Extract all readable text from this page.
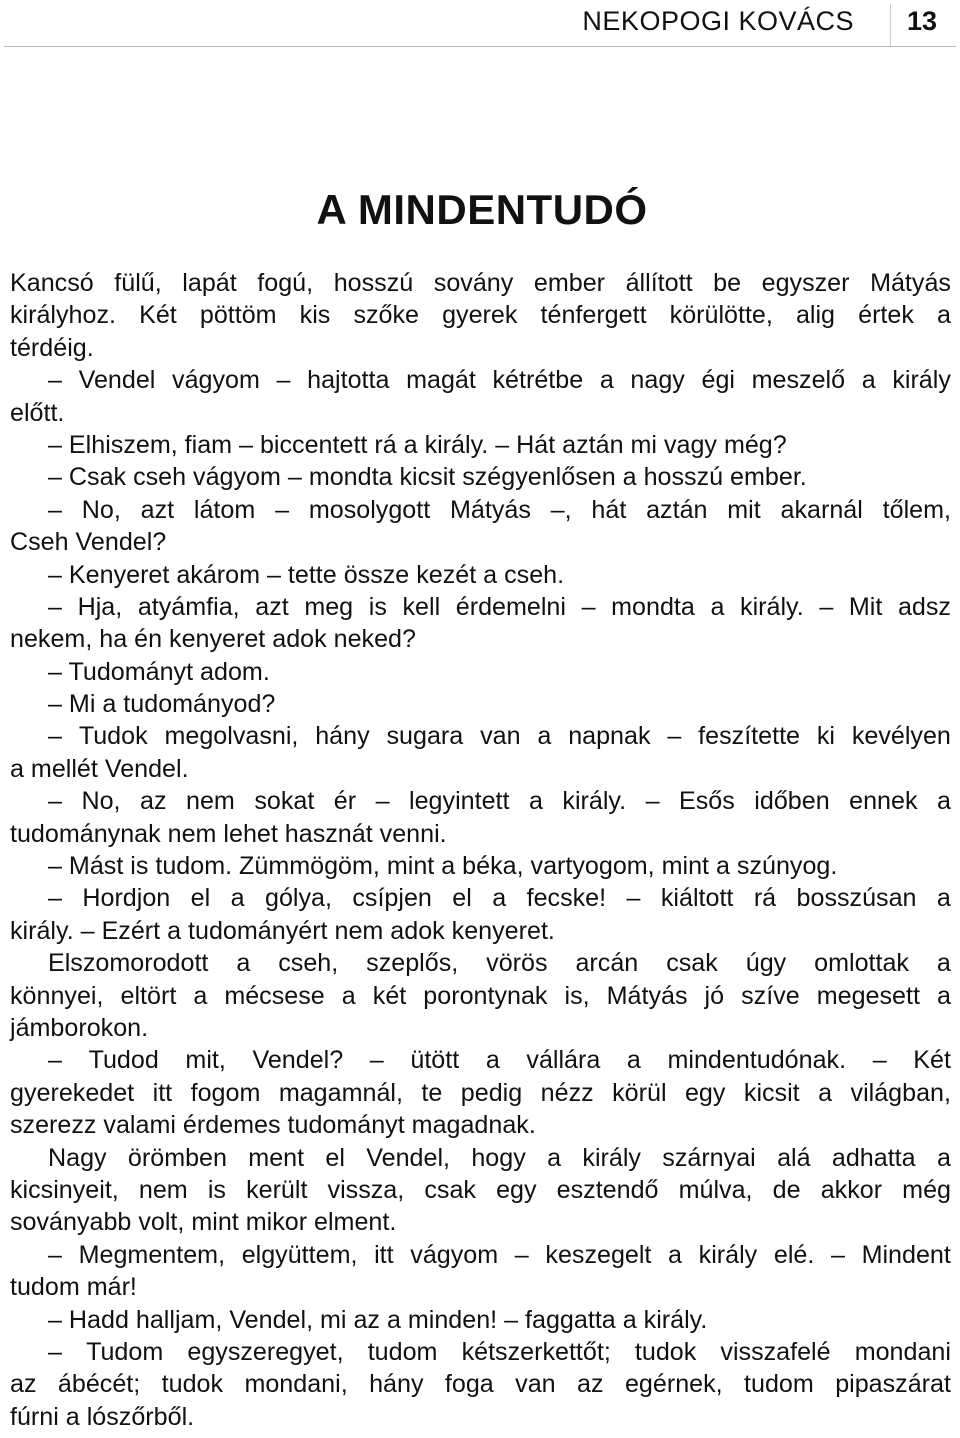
NEKOPOGI KOVÁCS 13
A MINDENTUDÓ
Kancsó fülű, lapát fogú, hosszú sovány ember állított be egyszer Mátyás
királyhoz. Két pöttöm kis szőke gyerek ténfergett körülötte, alig értek a
térdéig.
– Vendel vágyom – hajtotta magát kétrétbe a nagy égi meszelő a király
előtt.
– Elhiszem, fiam – biccentett rá a király. – Hát aztán mi vagy még?
– Csak cseh vágyom – mondta kicsit szégyenlősen a hosszú ember.
– No, azt látom – mosolygott Mátyás –, hát aztán mit akarnál tőlem,
Cseh Vendel?
– Kenyeret akárom – tette össze kezét a cseh.
– Hja, atyámfia, azt meg is kell érdemelni – mondta a király. – Mit adsz
nekem, ha én kenyeret adok neked?
– Tudományt adom.
– Mi a tudományod?
– Tudok megolvasni, hány sugara van a napnak – feszítette ki kevélyen
a mellét Vendel.
– No, az nem sokat ér – legyintett a király. – Esős időben ennek a
tudománynak nem lehet hasznát venni.
– Mást is tudom. Zümmögöm, mint a béka, vartyogom, mint a szúnyog.
– Hordjon el a gólya, csípjen el a fecske! – kiáltott rá bosszúsan a
király. – Ezért a tudományért nem adok kenyeret.
Elszomorodott a cseh, szeplős, vörös arcán csak úgy omlottak a
könnyei, eltört a mécsese a két porontynak is, Mátyás jó szíve megesett a
jámborokon.
– Tudod mit, Vendel? – ütött a vállára a mindentudónak. – Két
gyerekedet itt fogom magamnál, te pedig nézz körül egy kicsit a világban,
szerezz valami érdemes tudományt magadnak.
Nagy örömben ment el Vendel, hogy a király szárnyai alá adhatta a
kicsinyeit, nem is került vissza, csak egy esztendő múlva, de akkor még
soványabb volt, mint mikor elment.
– Megmentem, elgyüttem, itt vágyom – keszegelt a király elé. – Mindent
tudom már!
– Hadd halljam, Vendel, mi az a minden! – faggatta a király.
– Tudom egyszeregyet, tudom kétszerkettőt; tudok visszafelé mondani
az ábécét; tudok mondani, hány foga van az egérnek, tudom pipaszárat
fúrni a lószőrből.
